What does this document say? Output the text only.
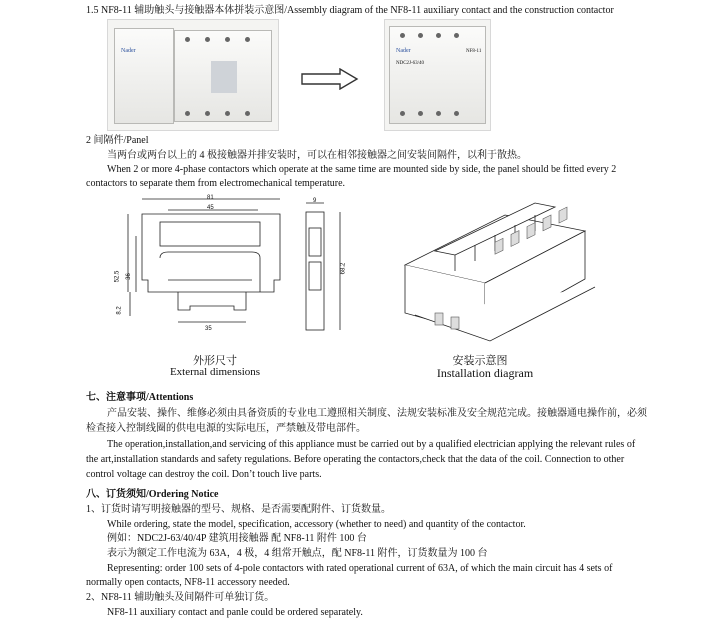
1.5 NF8-11 辅助触头与接触器本体拼装示意图/Assembly diagram of the NF8-11 auxiliary contact and the construction contactor
Nader	Nader
NDC2J-63/40
NF8-11
2 间隔件/Panel
当两台或两台以上的 4 极接触器并排安装时，可以在相邻接触器之间安装间隔件，以利于散热。
When 2 or more 4-phase contactors which operate at the same time are mounted side by side, the panel should be fitted every 2
contactors to separate them from electromechanical temperature.
81
45
35
52.5 36
8.2
9
68.2
外形尺寸
External dimensions
安装示意图
Installation diagram
七、注意事项/Attentions
产品安装、操作、维修必须由具备资质的专业电工遵照相关制度、法规安装标准及安全规范完成。接触器通电操作前，必须
检查接入控制线圈的供电电源的实际电压，严禁触及带电部件。
The operation,installation,and servicing of this appliance must be carried out by a qualified electrician applying the relevant rules of
the art,installation standards and safety regulations. Before operating the contactors,check that the data of the coil. Connection to other
control voltage can destroy the coil. Don’t touch live parts.
八、订货须知/Ordering Notice
1、订货时请写明接触器的型号、规格、是否需要配附件、订货数量。
While ordering, state the model, specification, accessory (whether to need) and quantity of the contactor.
例如：NDC2J-63/40/4P 建筑用接触器 配 NF8-11 附件 100 台
表示为额定工作电流为 63A，4 极，4 组常开触点，配 NF8-11 附件，订货数量为 100 台
Representing: order 100 sets of 4-pole contactors with rated operational current of 63A, of which the main circuit has 4 sets of
normally open contacts, NF8-11 accessory needed.
2、NF8-11 辅助触头及间隔件可单独订货。
NF8-11 auxiliary contact and panle could be ordered separately.
